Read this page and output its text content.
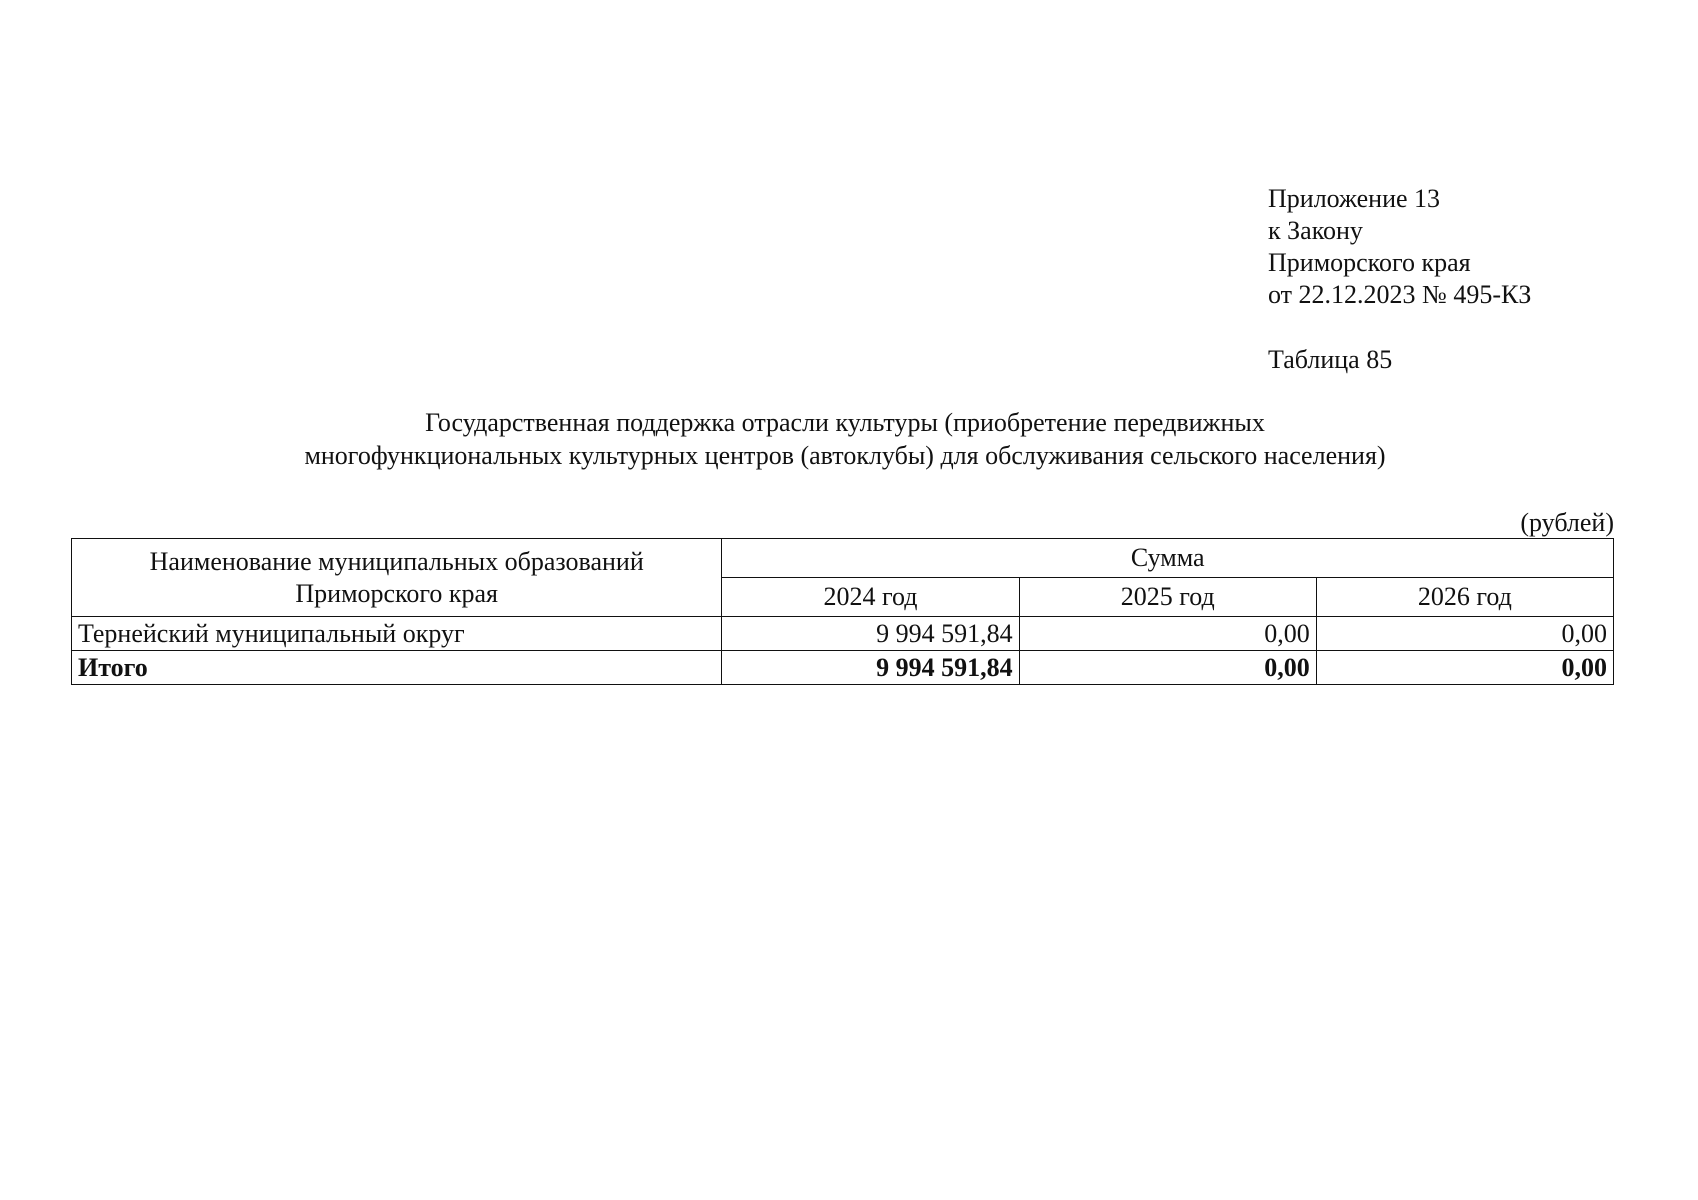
Приложение 13
к Закону
Приморского края
от 22.12.2023 № 495-КЗ
Таблица 85
Государственная поддержка отрасли культуры (приобретение передвижных
многофункциональных культурных центров (автоклубы) для обслуживания сельского населения)
(рублей)
Наименование муниципальных образований Приморского края	Сумма		
	2024 год	2025 год	2026 год
Тернейский муниципальный округ	9 994 591,84	0,00	0,00
Итого	9 994 591,84	0,00	0,00
